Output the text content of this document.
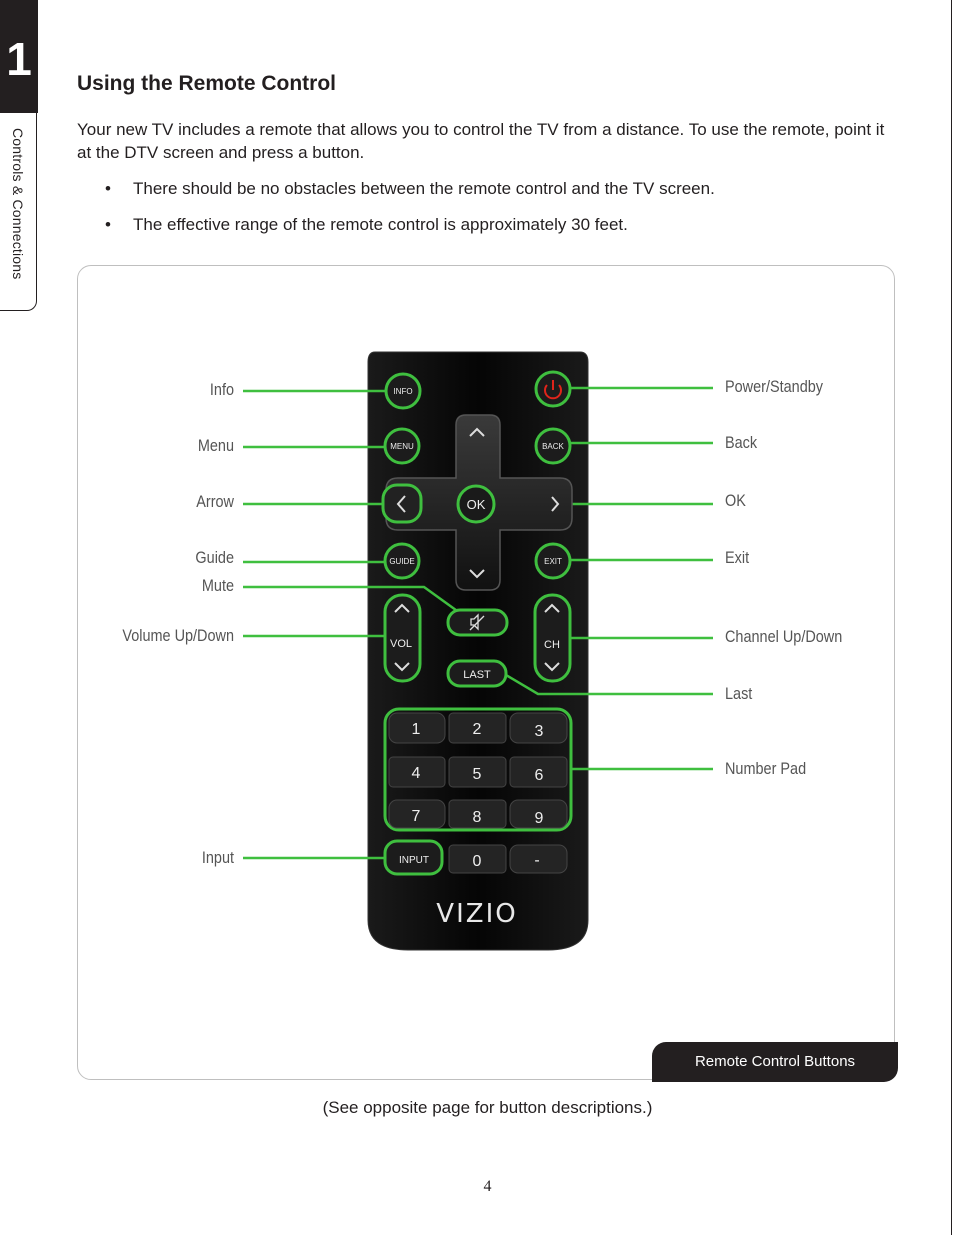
1
Controls & Connections
Using the Remote Control

Your new TV includes a remote that allows you to control the TV from a distance. To use the remote, point it at the DTV screen and press a button.

• There should be no obstacles between the remote control and the TV screen.
• The effective range of the remote control is approximately 30 feet.
Remote Control Buttons
OK
INFO
MENU	BACK
GUIDE	EXIT
VOL	CH
LAST
1	2	3
4	5	6
7	8	9
0	-
INPUT
VIZIO
Info
Menu
Arrow
Guide
Mute
Volume Up/Down
Input
Power/Standby
Back
OK
Exit
Channel Up/Down
Last
Number Pad
(See opposite page for button descriptions.)
4
